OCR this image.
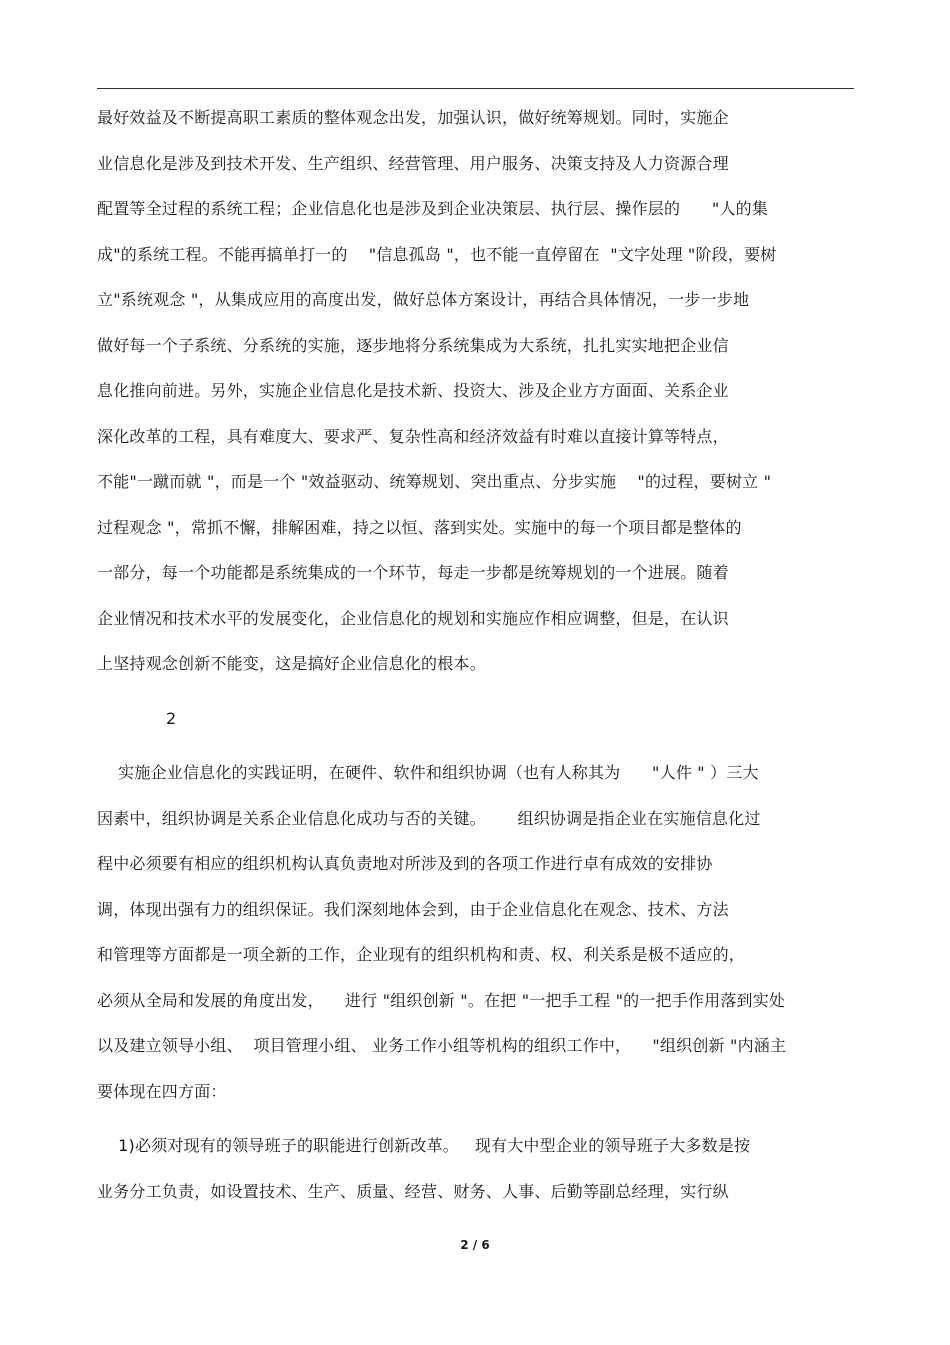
最好效益及不断提高职工素质的整体观念出发，加强认识，做好统筹规划。同时，实施企
业信息化是涉及到技术开发、生产组织、经营管理、用户服务、决策支持及人力资源合理
配置等全过程的系统工程；企业信息化也是涉及到企业决策层、执行层、操作层的      "人的集
成"的系统工程。不能再搞单打一的    "信息孤岛 "，也不能一直停留在  "文字处理 "阶段，要树
立"系统观念 "，从集成应用的高度出发，做好总体方案设计，再结合具体情况，一步一步地
做好每一个子系统、分系统的实施，逐步地将分系统集成为大系统，扎扎实实地把企业信
息化推向前进。另外，实施企业信息化是技术新、投资大、涉及企业方方面面、关系企业
深化改革的工程，具有难度大、要求严、复杂性高和经济效益有时难以直接计算等特点，
不能"一蹴而就 "，而是一个 "效益驱动、统筹规划、突出重点、分步实施    "的过程，要树立 "
过程观念 "，常抓不懈，排解困难，持之以恒、落到实处。实施中的每一个项目都是整体的
一部分，每一个功能都是系统集成的一个环节，每走一步都是统筹规划的一个进展。随着
企业情况和技术水平的发展变化，企业信息化的规划和实施应作相应调整，但是，在认识
上坚持观念创新不能变，这是搞好企业信息化的根本。
2
实施企业信息化的实践证明，在硬件、软件和组织协调（也有人称其为      "人件 " ）三大
因素中，组织协调是关系企业信息化成功与否的关键。      组织协调是指企业在实施信息化过
程中必须要有相应的组织机构认真负责地对所涉及到的各项工作进行卓有成效的安排协
调，体现出强有力的组织保证。我们深刻地体会到，由于企业信息化在观念、技术、方法
和管理等方面都是一项全新的工作，企业现有的组织机构和责、权、利关系是极不适应的，
必须从全局和发展的角度出发，    进行 "组织创新 "。在把 "一把手工程 "的一把手作用落到实处
以及建立领导小组、  项目管理小组、 业务工作小组等机构的组织工作中，    "组织创新 "内涵主
要体现在四方面：
1)必须对现有的领导班子的职能进行创新改革。   现有大中型企业的领导班子大多数是按
业务分工负责，如设置技术、生产、质量、经营、财务、人事、后勤等副总经理，实行纵
2 / 6
